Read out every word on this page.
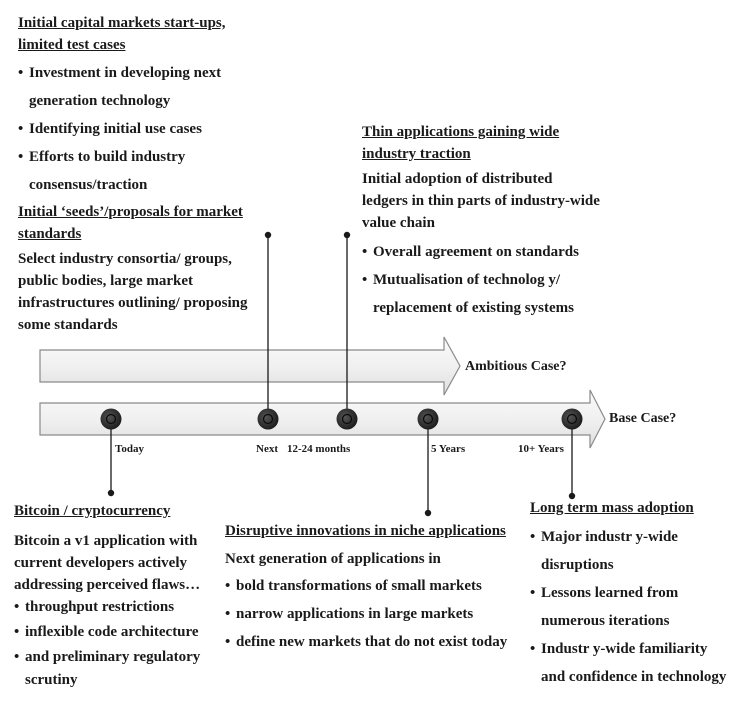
Initial capital markets start-ups, limited test cases
• Investment in developing next generation technology
• Identifying initial use cases
• Efforts to build industry consensus/traction
Initial ‘seeds’/proposals for market standards
Select industry consortia/ groups, public bodies, large market infrastructures outlining/ proposing some standards
Thin applications gaining wide industry traction
Initial adoption of distributed ledgers in thin parts of industry-wide value chain
• Overall agreement on standards
• Mutualisation of technolog y/ replacement of existing systems
Ambitious Case?
Base Case?
Today	Next 12-24 months	5 Years	10+ Years
Bitcoin / cryptocurrency
Bitcoin a v1 application with current developers actively addressing perceived flaws…
• throughput restrictions
• inflexible code architecture
• and preliminary regulatory scrutiny
Disruptive innovations in niche applications
Next generation of applications in
• bold transformations of small markets
• narrow applications in large markets
• define new markets that do not exist today
Long term mass adoption
• Major industr y-wide disruptions
• Lessons learned from numerous iterations
• Industr y-wide familiarity and confidence in technology
